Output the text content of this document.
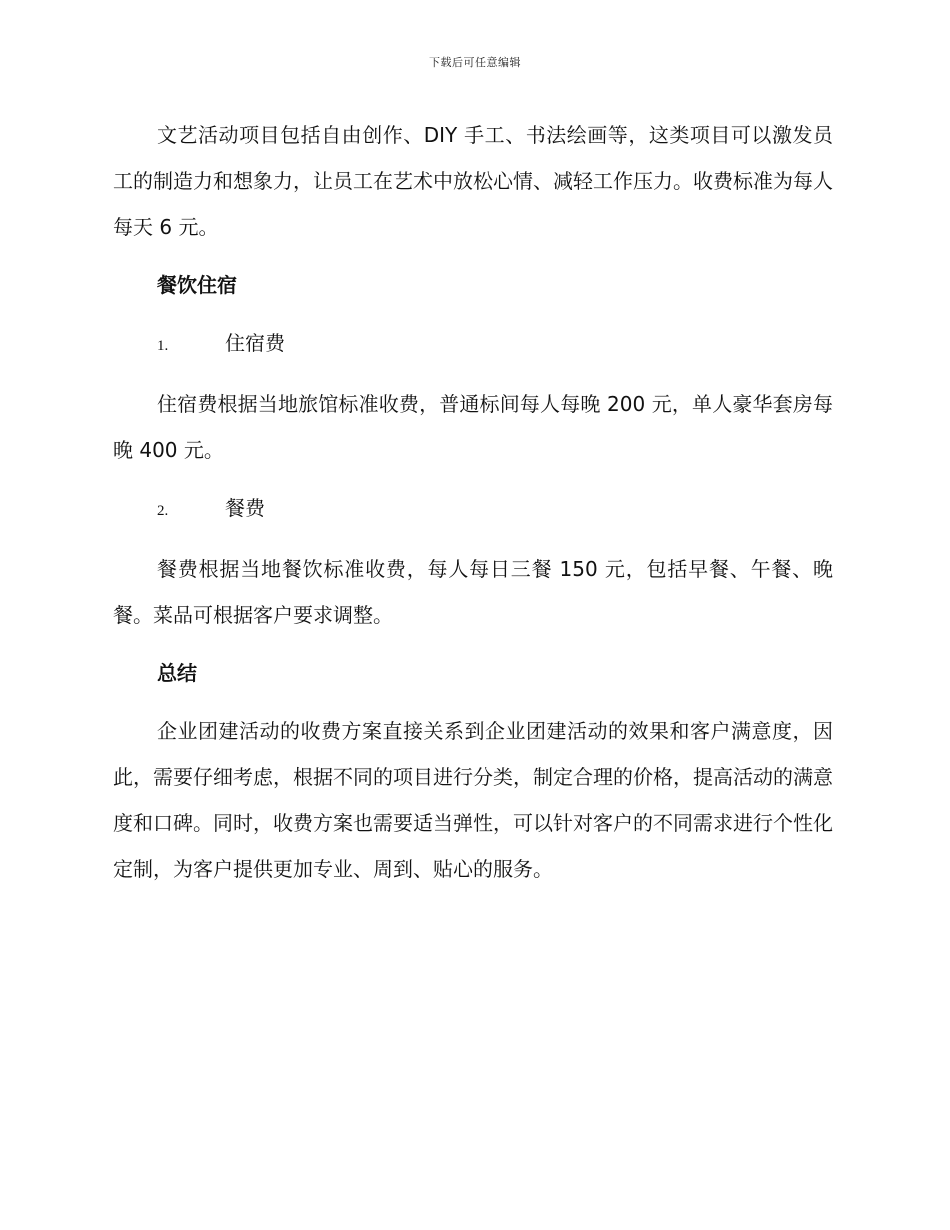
下载后可任意编辑

文艺活动项目包括自由创作、DIY 手工、书法绘画等，这类项目可以激发员工的制造力和想象力，让员工在艺术中放松心情、减轻工作压力。收费标准为每人每天 6 元。

餐饮住宿
1.	住宿费

住宿费根据当地旅馆标准收费，普通标间每人每晚 200 元，单人豪华套房每晚 400 元。

2.	餐费

餐费根据当地餐饮标准收费，每人每日三餐 150 元，包括早餐、午餐、晚餐。菜品可根据客户要求调整。

总结

企业团建活动的收费方案直接关系到企业团建活动的效果和客户满意度，因此，需要仔细考虑，根据不同的项目进行分类，制定合理的价格，提高活动的满意度和口碑。同时，收费方案也需要适当弹性，可以针对客户的不同需求进行个性化定制，为客户提供更加专业、周到、贴心的服务。
